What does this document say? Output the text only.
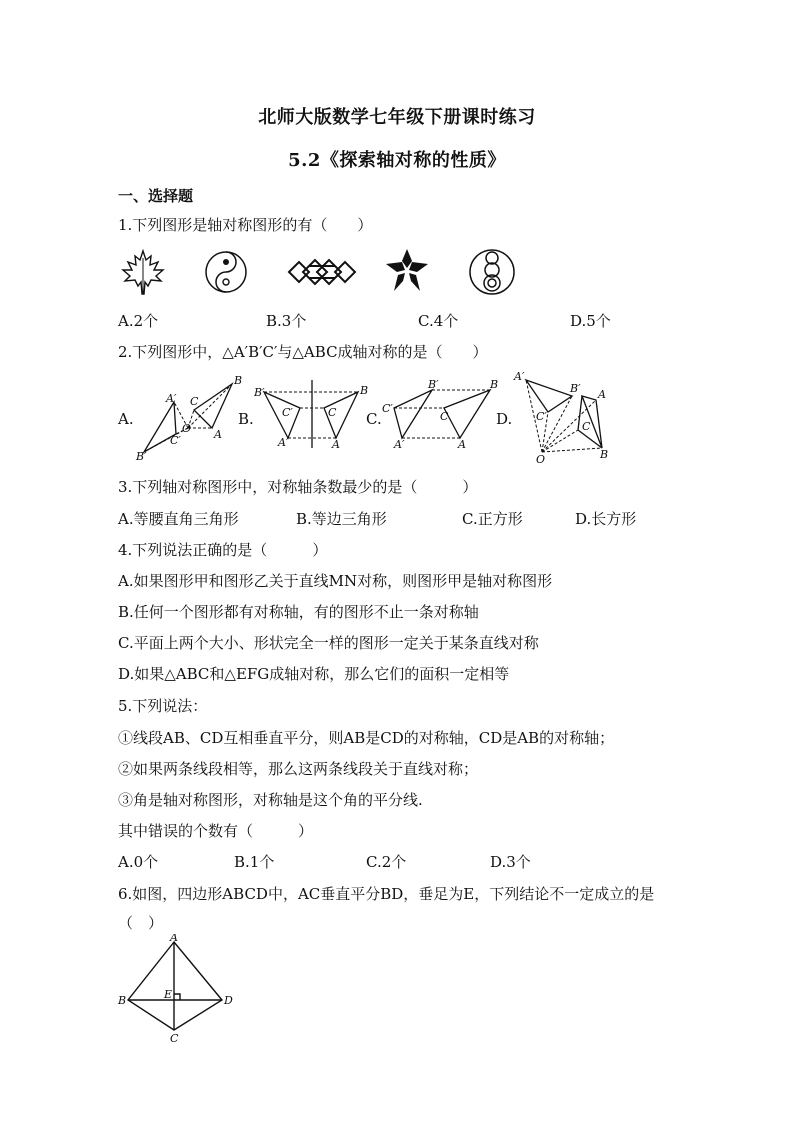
北师大版数学七年级下册课时练习
5.2《探索轴对称的性质》
一、选择题
1.下列图形是轴对称图形的有（　　）
A.2个	B.3个	C.4个	D.5个
2.下列图形中，△A′B′C′与△ABC成轴对称的是（　　）
A.
B
C
A
O
A′
C′
B′
B.
B′	B
C′	C
A′	A
C.
B′	B
C′
C
A′	A
D.
A′
B′ A
C′
C
B
O
3.下列轴对称图形中，对称轴条数最少的是（　　　）
A.等腰直角三角形	B.等边三角形	C.正方形	D.长方形
4.下列说法正确的是（　　　）
A.如果图形甲和图形乙关于直线MN对称，则图形甲是轴对称图形
B.任何一个图形都有对称轴，有的图形不止一条对称轴
C.平面上两个大小、形状完全一样的图形一定关于某条直线对称
D.如果△ABC和△EFG成轴对称，那么它们的面积一定相等
5.下列说法：
①线段AB、CD互相垂直平分，则AB是CD的对称轴，CD是AB的对称轴；
②如果两条线段相等，那么这两条线段关于直线对称；
③角是轴对称图形，对称轴是这个角的平分线.
其中错误的个数有（　　　）
A.0个	B.1个	C.2个	D.3个
6.如图，四边形ABCD中，AC垂直平分BD，垂足为E，下列结论不一定成立的是
（　）
A
B	E	D
C
